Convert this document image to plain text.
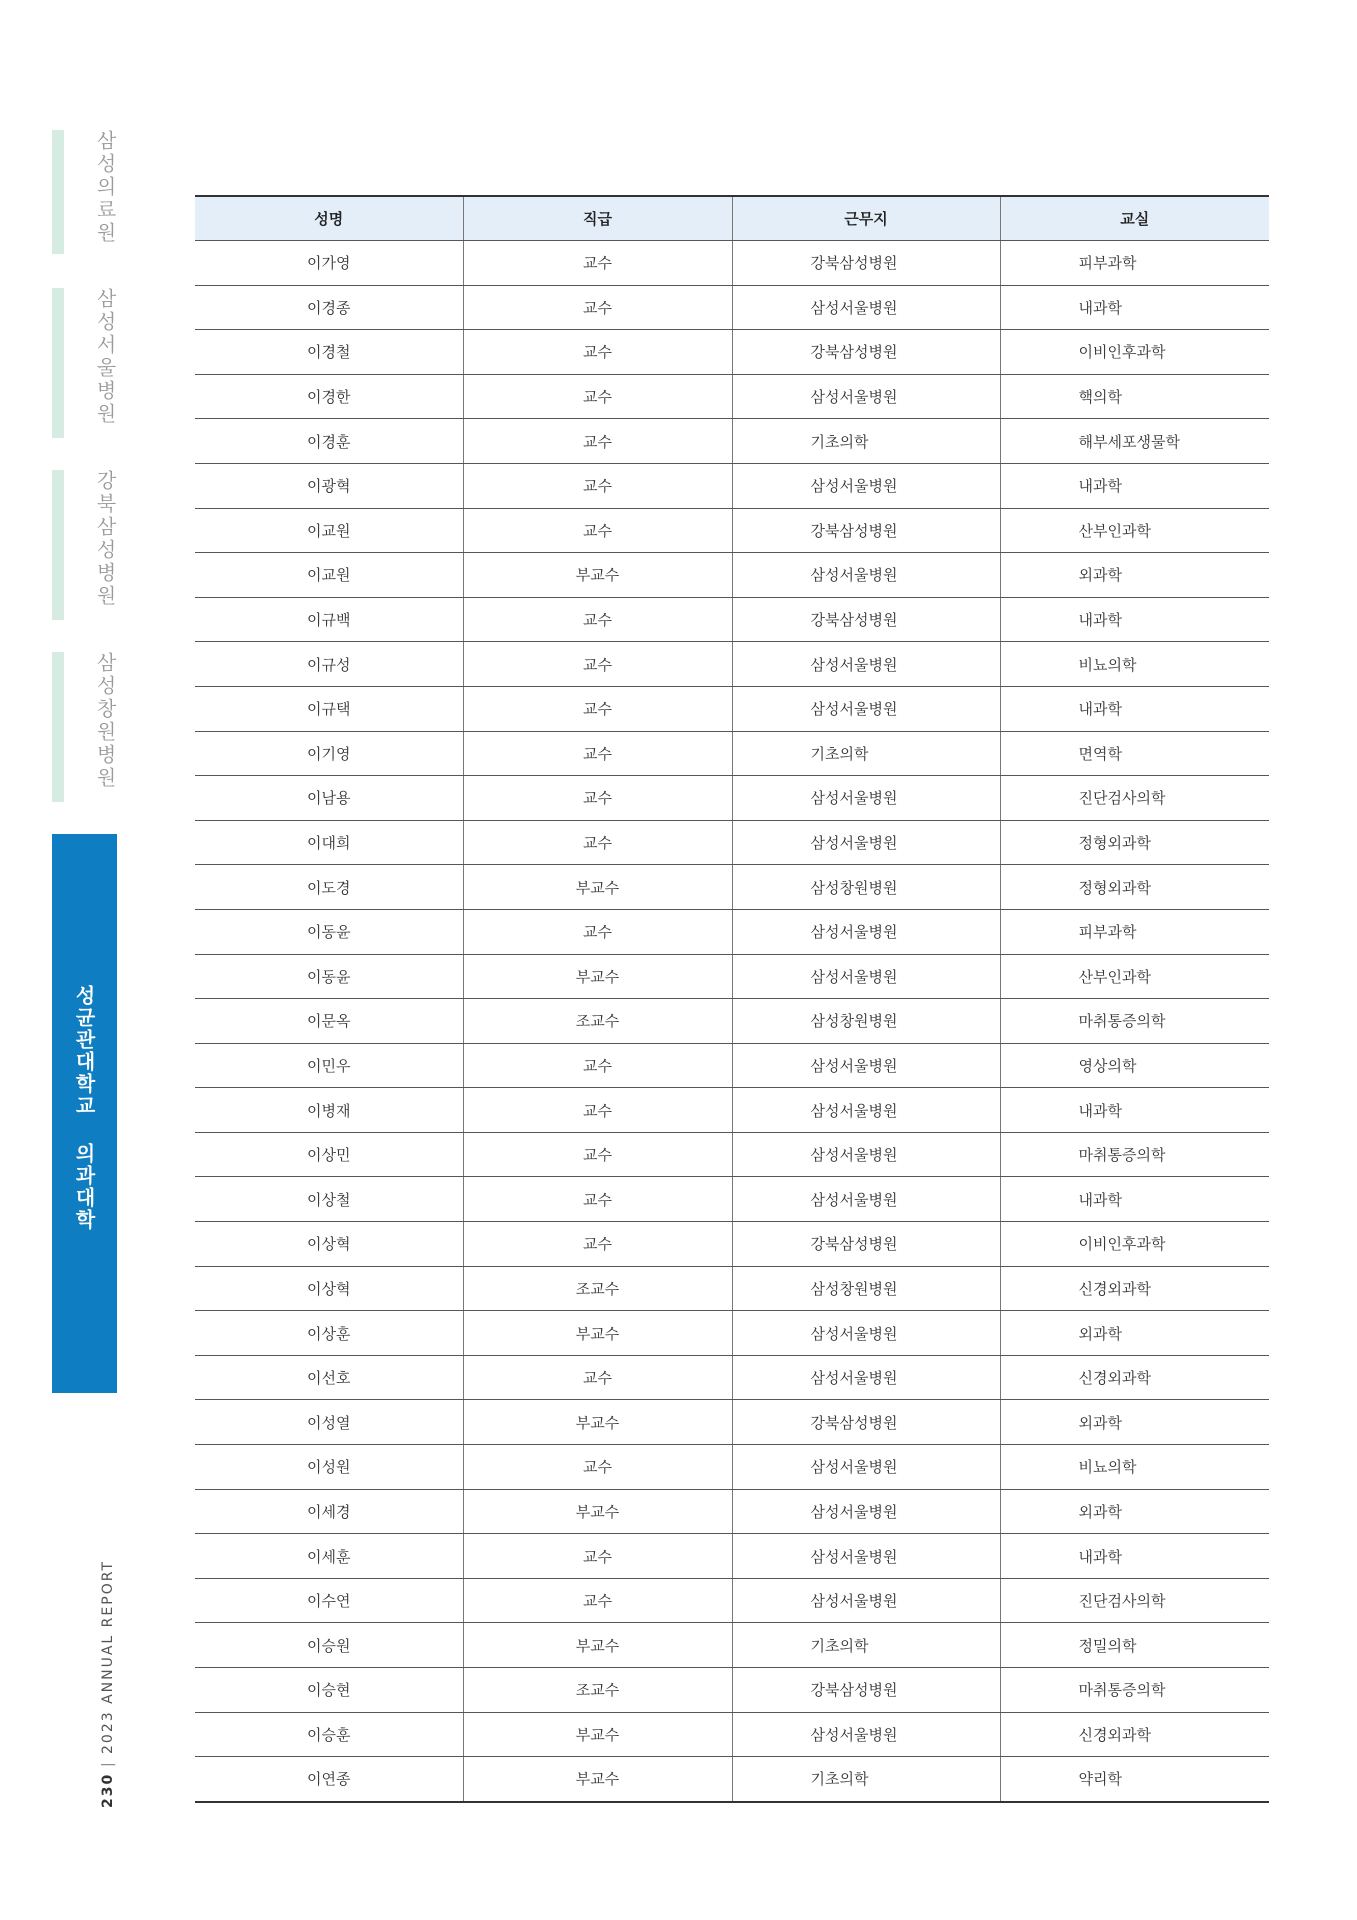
삼성의료원
삼성서울병원
강북삼성병원
삼성창원병원
성균관대학교 의과대학
230
|
2023 ANNUAL REPORT
성명	직급	근무지	교실
이가영	교수	강북삼성병원	피부과학
이경종	교수	삼성서울병원	내과학
이경철	교수	강북삼성병원	이비인후과학
이경한	교수	삼성서울병원	핵의학
이경훈	교수	기초의학	해부세포생물학
이광혁	교수	삼성서울병원	내과학
이교원	교수	강북삼성병원	산부인과학
이교원	부교수	삼성서울병원	외과학
이규백	교수	강북삼성병원	내과학
이규성	교수	삼성서울병원	비뇨의학
이규택	교수	삼성서울병원	내과학
이기영	교수	기초의학	면역학
이남용	교수	삼성서울병원	진단검사의학
이대희	교수	삼성서울병원	정형외과학
이도경	부교수	삼성창원병원	정형외과학
이동윤	교수	삼성서울병원	피부과학
이동윤	부교수	삼성서울병원	산부인과학
이문옥	조교수	삼성창원병원	마취통증의학
이민우	교수	삼성서울병원	영상의학
이병재	교수	삼성서울병원	내과학
이상민	교수	삼성서울병원	마취통증의학
이상철	교수	삼성서울병원	내과학
이상혁	교수	강북삼성병원	이비인후과학
이상혁	조교수	삼성창원병원	신경외과학
이상훈	부교수	삼성서울병원	외과학
이선호	교수	삼성서울병원	신경외과학
이성열	부교수	강북삼성병원	외과학
이성원	교수	삼성서울병원	비뇨의학
이세경	부교수	삼성서울병원	외과학
이세훈	교수	삼성서울병원	내과학
이수연	교수	삼성서울병원	진단검사의학
이승원	부교수	기초의학	정밀의학
이승현	조교수	강북삼성병원	마취통증의학
이승훈	부교수	삼성서울병원	신경외과학
이연종	부교수	기초의학	약리학
